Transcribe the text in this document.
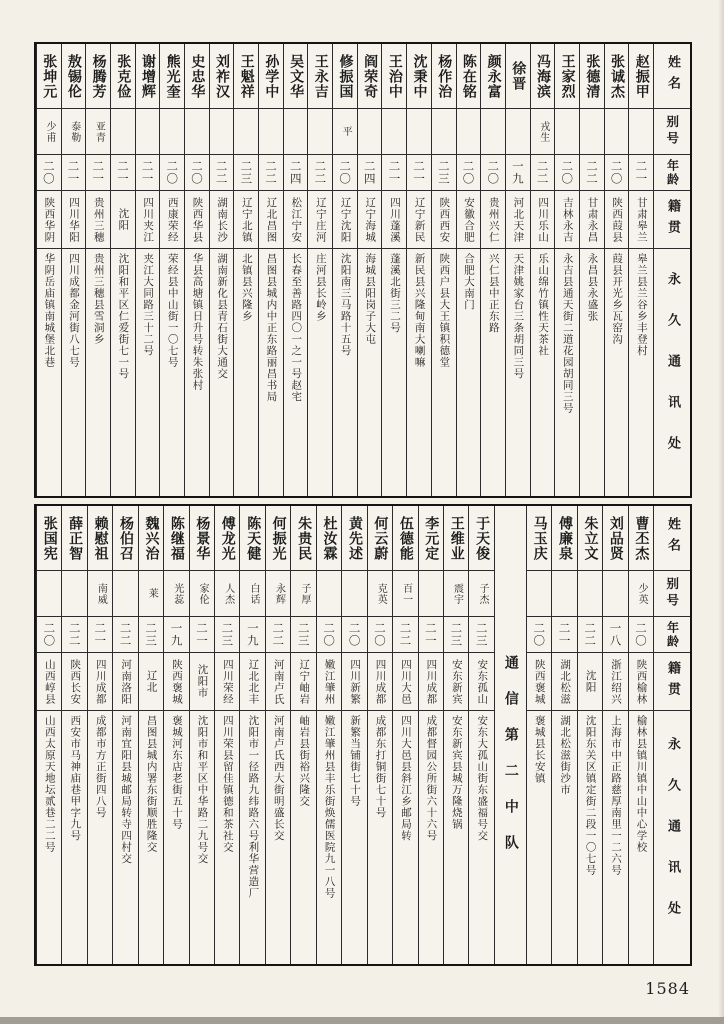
姓名
别号
年龄
籍贯
永久通讯处
赵振甲
二一
甘肃皋兰
皋兰县兰谷乡丰登村
张诚杰
二〇
陕西葭县
葭县开光乡瓦窑沟
张德清
二二
甘肃永昌
永昌县永盛张
王家烈
二〇
吉林永吉
永吉县通天街二道花园胡同三号
冯海滨
戎生
二二
四川乐山
乐山绵竹镇性天茶社
徐晋
一九
河北天津
天津姚家台三条胡同三号
颜永富
二〇
贵州兴仁
兴仁县中正东路
陈在铭
二〇
安徽合肥
合肥大南门
杨作治
二三
陕西西安
陕西户县大王镇积德堂
沈秉中
二一
辽宁新民
新民县兴隆甸南大喇嘛
王治中
二一
四川蓬溪
蓬溪北街三二号
阎荣奇
二四
辽宁海城
海城县阳岗子大屯
修振国
平
二〇
辽宁沈阳
沈阳南三马路十五号
王永吉
二二
辽宁庄河
庄河县长岭乡
吴文华
二四
松江宁安
长春至善路四〇一之一号赵宅
孙学中
二二
辽北昌图
昌图县城内中正东路丽昌书局
王魁祥
二三
辽宁北镇
北镇县兴隆乡
刘祚汉
二二
湖南长沙
湖南新化县青石街大通交
史忠华
二〇
陕西华县
华县高塘镇日升号转朱张村
熊光奎
二〇
西康荣经
荣经县中山街一〇七号
谢增辉
二一
四川夹江
夹江大同路三十二号
张克俭
二一
沈阳
沈阳和平区仁爱街七一号
杨腾芳
亚青
二一
贵州三穗
贵州三穗县雪洞乡
敖锡伦
泰勒
二一
四川华阳
四川成都金河街八七号
张坤元
少甫
二〇
陕西华阴
华阴岳庙镇南城堡北巷
姓名
别号
年龄
籍贯
永久通讯处
曹丕杰
少英
二〇
陕西榆林
榆林县镇川镇中山中心学校
刘品贤
一八
浙江绍兴
上海市中正路慈厚南里一二六号
朱立文
二二
沈阳
沈阳东关区镇定街二段一〇七号
傅廉泉
二一
湖北松滋
湖北松滋街沙市
马玉庆
二〇
陕西褒城
褒城县长安镇
通信第二中队
于天俊
子杰
二三
安东孤山
安东大孤山街东盛福号交
王维业
震宇
二三
安东新宾
安东新宾县城万隆烧锅
李元定
二一
四川成都
成都督园公所街六十六号
伍德能
百一
二二
四川大邑
四川大邑县斜江乡邮局转
何云蔚
克英
二〇
四川成都
成都东打铜街七十号
黄先述
二〇
四川新繁
新繁当铺街七十号
杜汝霖
二〇
嫩江肇州
嫩江肇州县丰乐街焕儒医院九一八号
朱贵民
子厚
二三
辽宁岫岩
岫岩县街裕兴隆交
何振光
永辉
二二
河南卢氏
河南卢氏西大街明盛长交
陈天健
白话
一九
辽北北丰
沈阳市一径路九纬路六号利华营造厂
傅龙光
人杰
二三
四川荣经
四川荣县留佳镇德和茶社交
杨景华
家伦
二一
沈阳市
沈阳市和平区中华路二九号交
陈继福
光蕊
一九
陕西褒城
褒城河东店老街五十号
魏兴治
莱
二三
辽北
昌图县城内署东街顺胜隆交
杨伯召
二二
河南洛阳
河南宜阳县城邮局转寺四村交
赖慰祖
南威
二一
四川成都
成都市方正街四八号
薛正智
二二
陕西长安
西安市马神庙巷甲字九号
张国宪
二〇
山西崞县
山西太原天地坛贰巷二二号
1584
